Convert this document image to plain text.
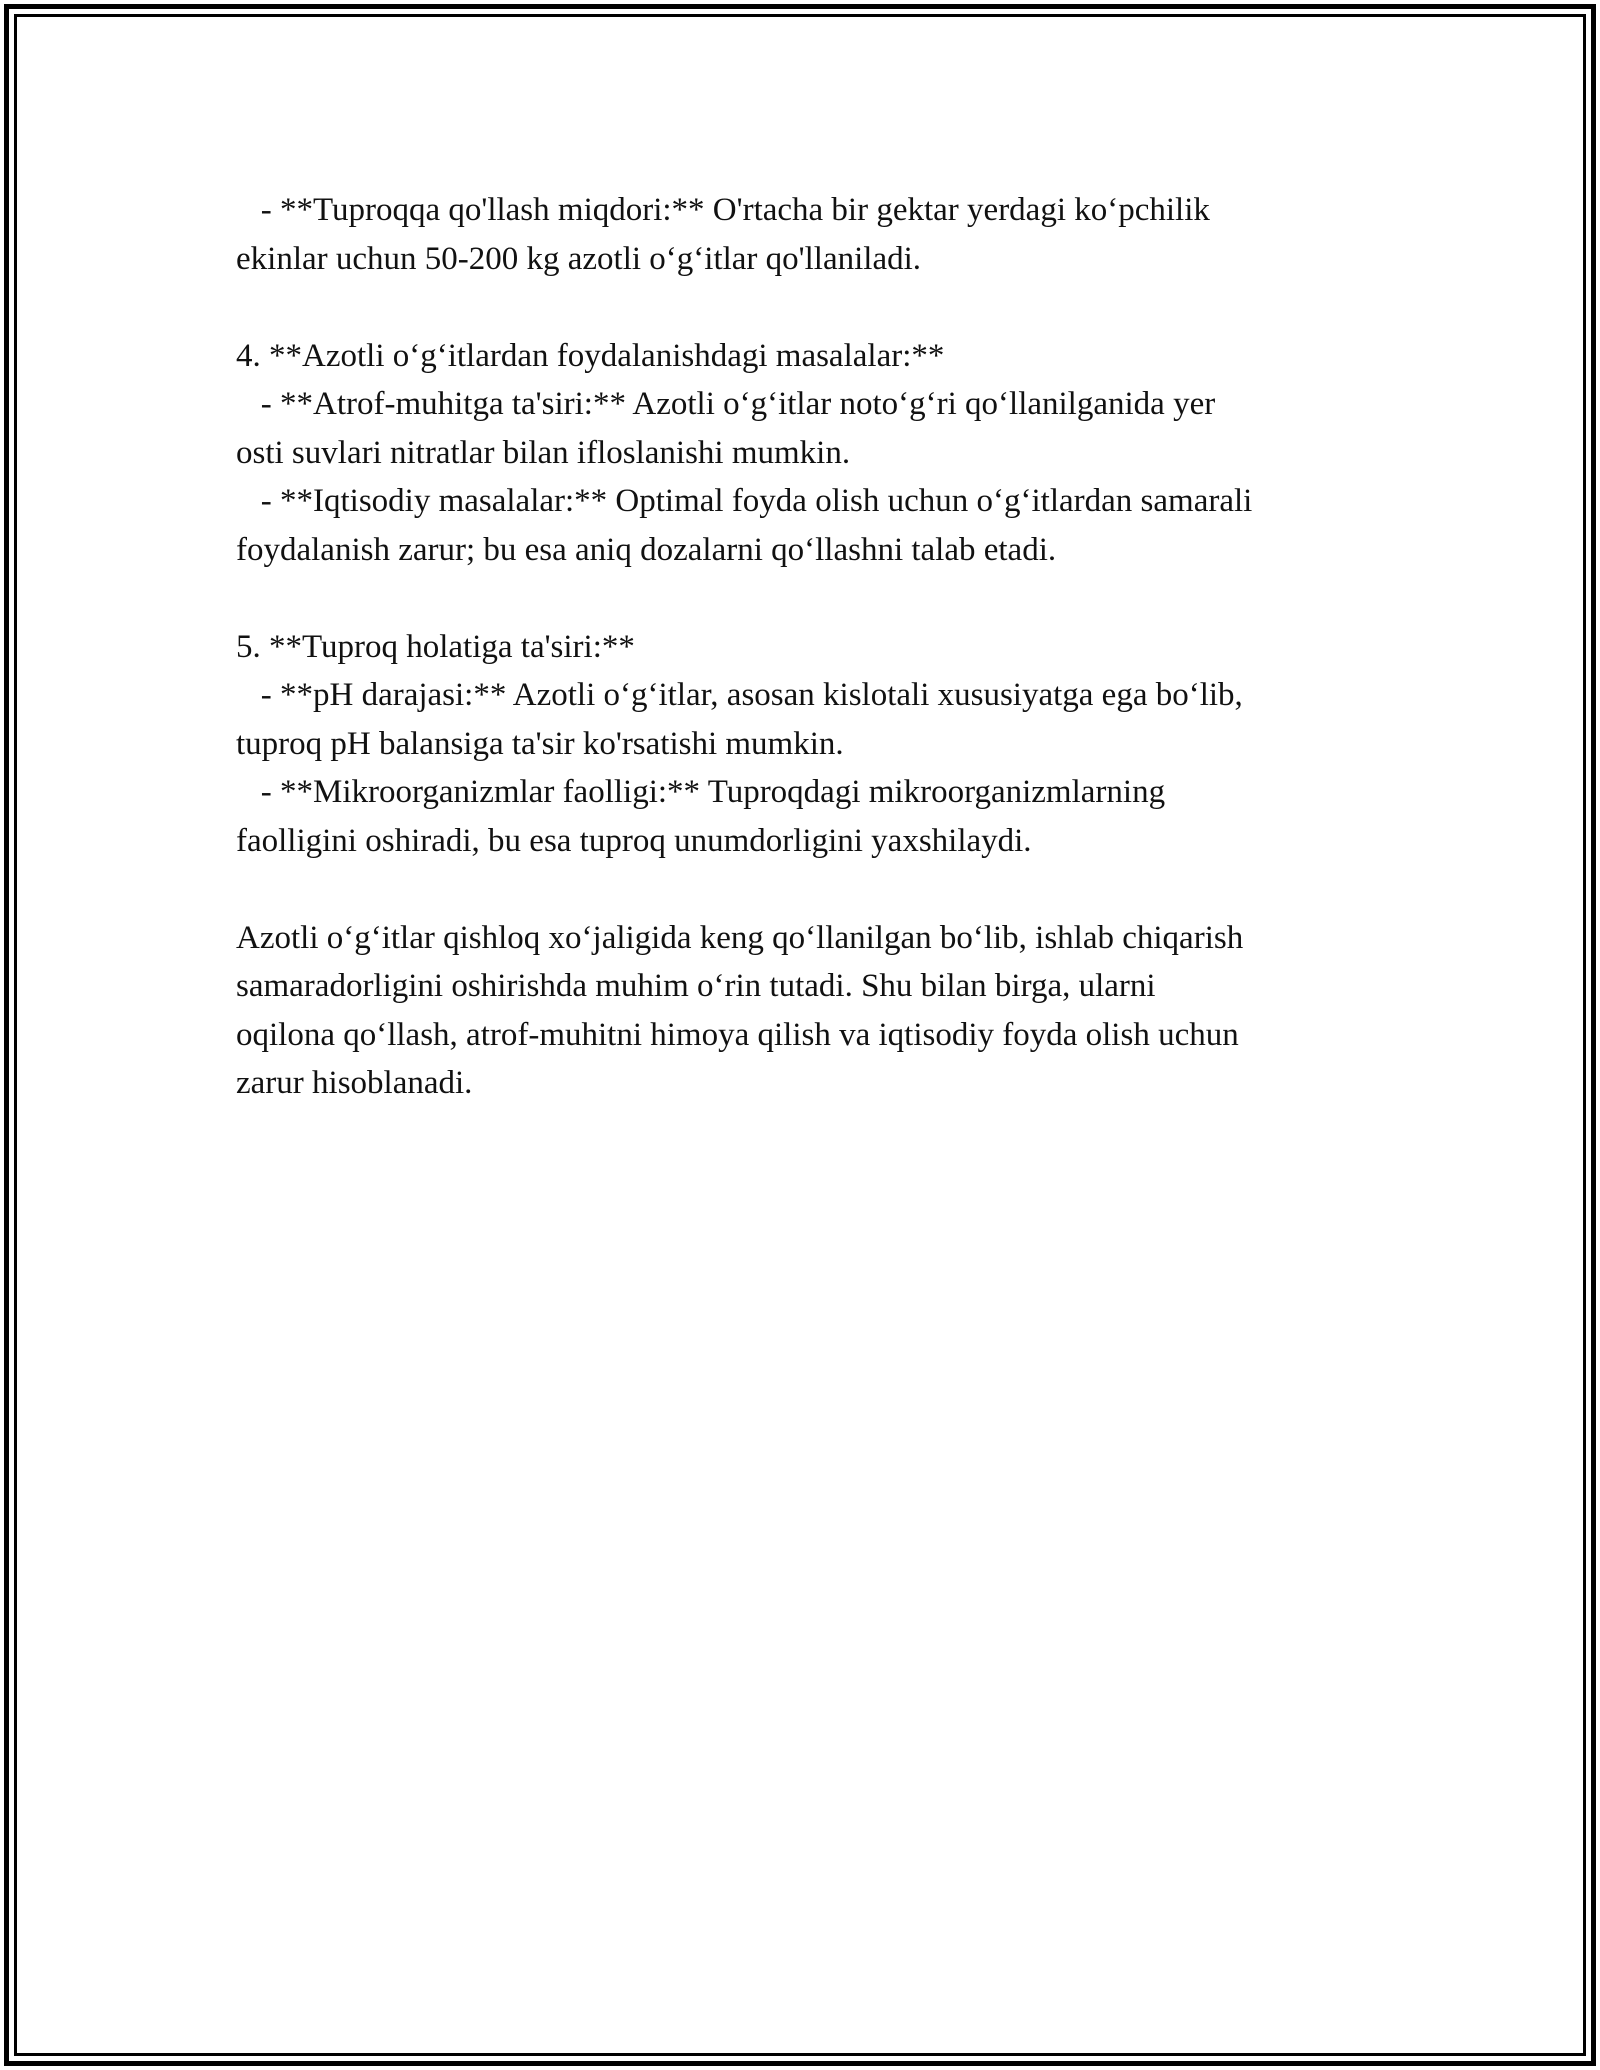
- **Tuproqqa qo'llash miqdori:** O'rtacha bir gektar yerdagi ko‘pchilik

ekinlar uchun 50-200 kg azotli o‘g‘itlar qo'llaniladi.

4. **Azotli o‘g‘itlardan foydalanishdagi masalalar:**

- **Atrof-muhitga ta'siri:** Azotli o‘g‘itlar noto‘g‘ri qo‘llanilganida yer

osti suvlari nitratlar bilan ifloslanishi mumkin.

- **Iqtisodiy masalalar:** Optimal foyda olish uchun o‘g‘itlardan samarali

foydalanish zarur; bu esa aniq dozalarni qo‘llashni talab etadi.

5. **Tuproq holatiga ta'siri:**

- **pH darajasi:** Azotli o‘g‘itlar, asosan kislotali xususiyatga ega bo‘lib,

tuproq pH balansiga ta'sir ko'rsatishi mumkin.

- **Mikroorganizmlar faolligi:** Tuproqdagi mikroorganizmlarning

faolligini oshiradi, bu esa tuproq unumdorligini yaxshilaydi.

Azotli o‘g‘itlar qishloq xo‘jaligida keng qo‘llanilgan bo‘lib, ishlab chiqarish

samaradorligini oshirishda muhim o‘rin tutadi. Shu bilan birga, ularni

oqilona qo‘llash, atrof-muhitni himoya qilish va iqtisodiy foyda olish uchun

zarur hisoblanadi.
